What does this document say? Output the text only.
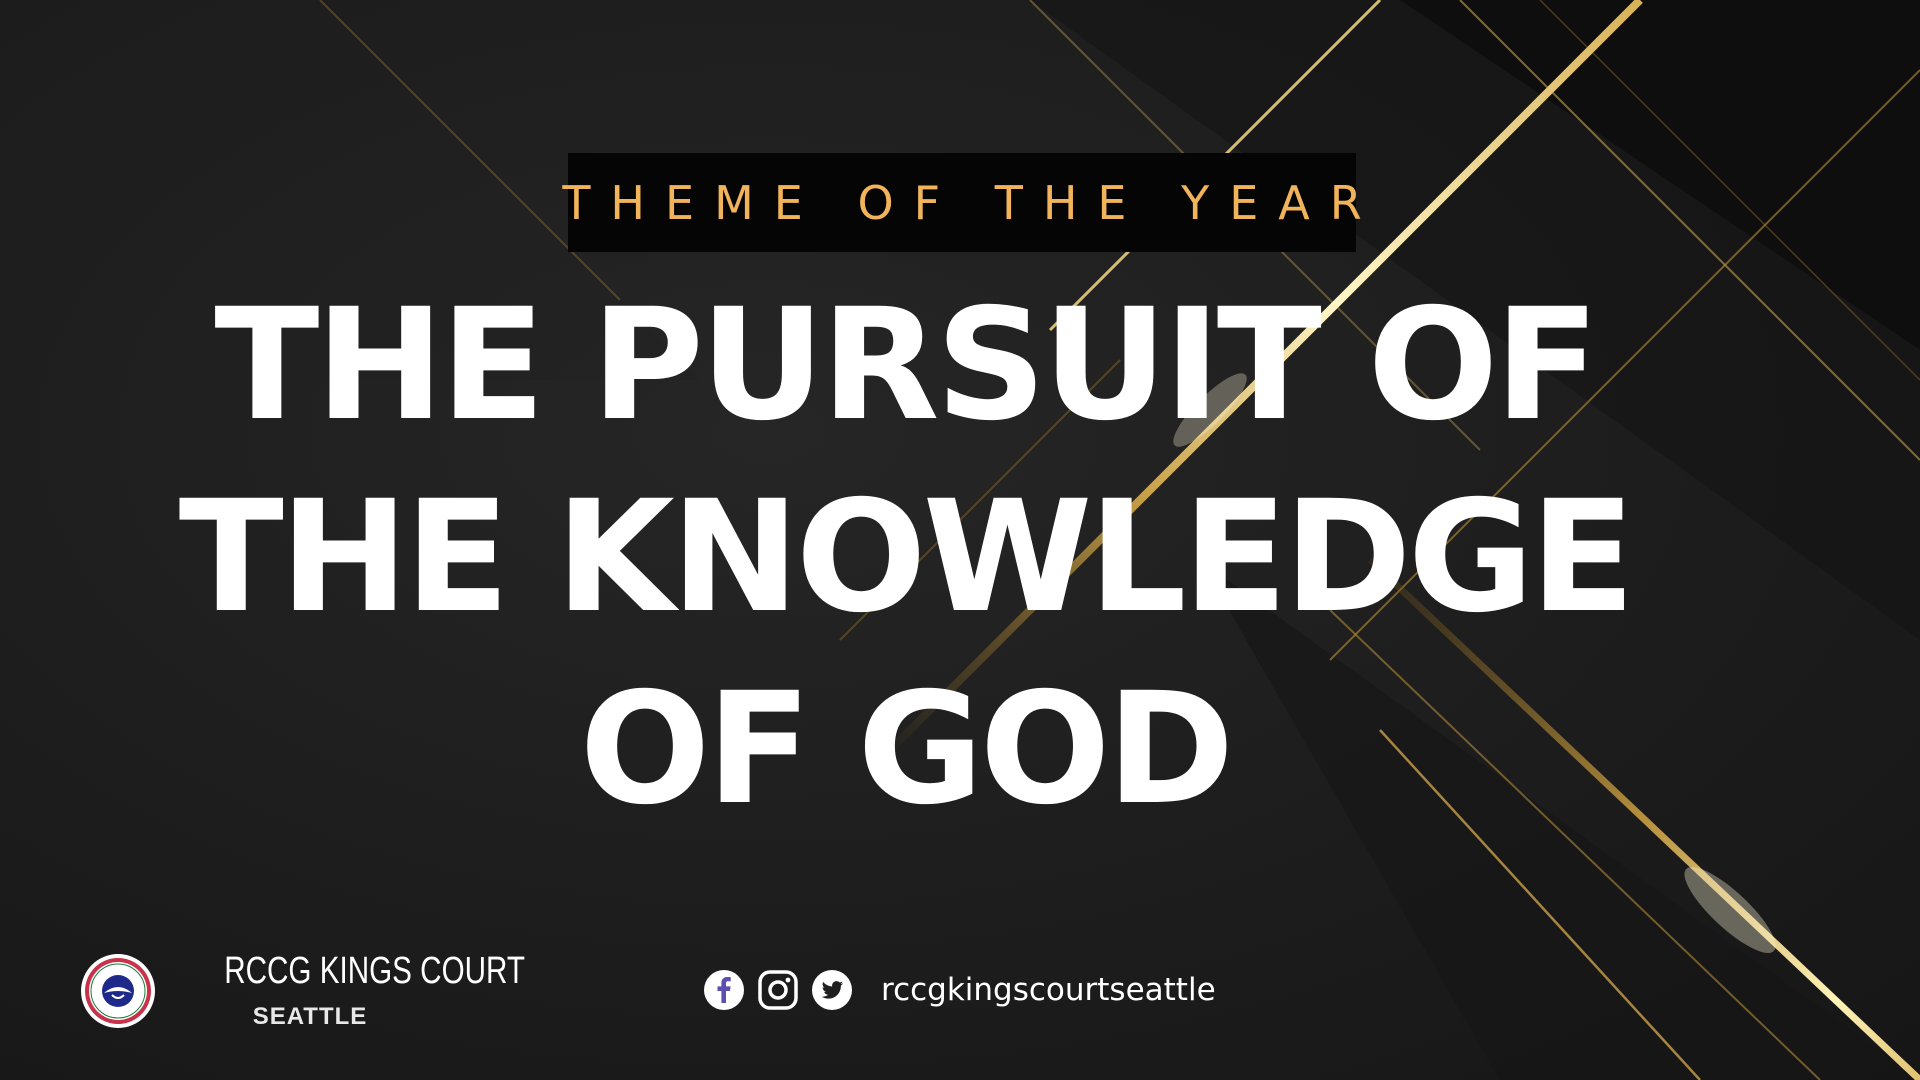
THEME OF THE YEAR
THE PURSUIT OF
THE KNOWLEDGE
OF GOD
RCCG KINGS COURT
SEATTLE
rccgkingscourtseattle
